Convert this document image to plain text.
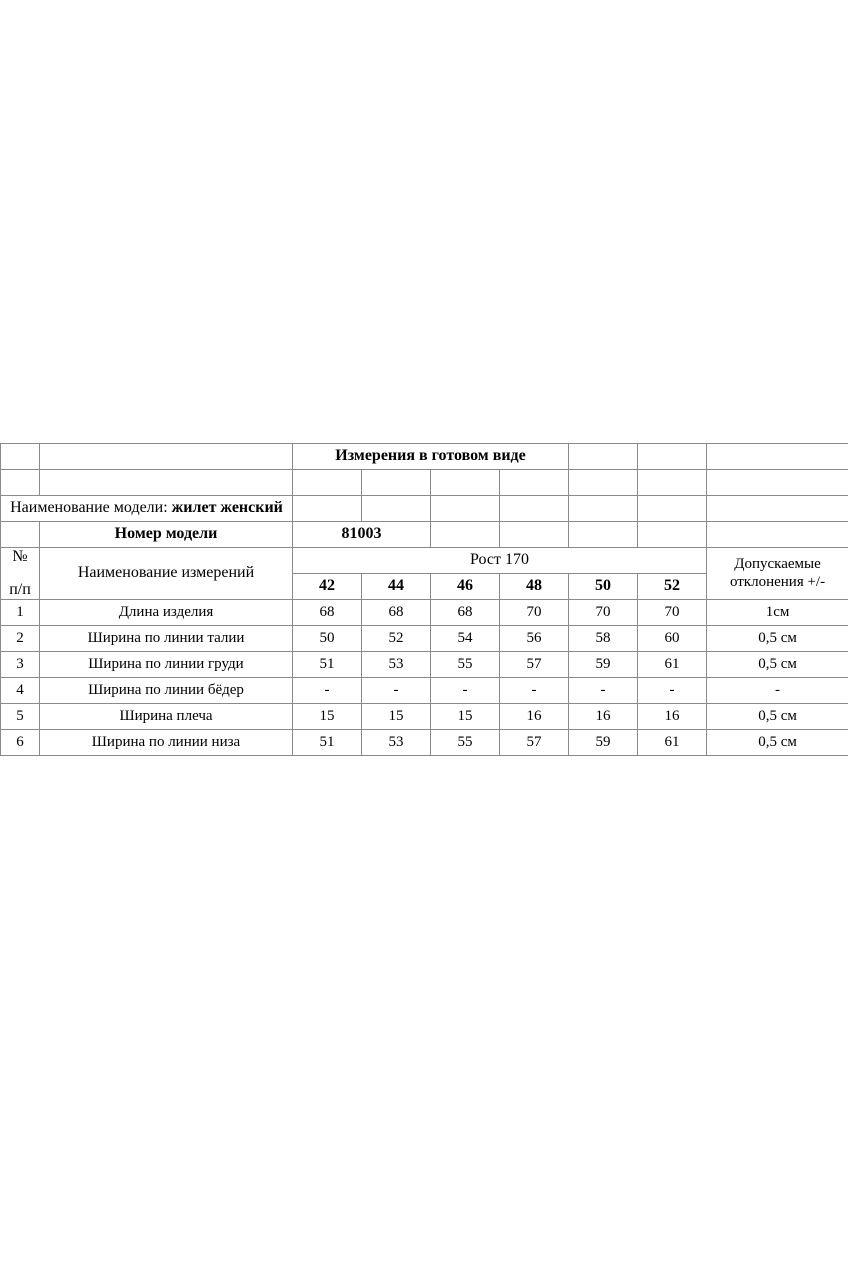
		Измерения в готовом виде						

Наименование модели: жилет женский								
	Номер модели	81003						

№
п/п
	Наименование измерений	Рост 170	Допускаемые
отклонения +/-

		42	44	46	48	50	52	
1	Длина изделия	68	68	68	70	70	70	1см
2	Ширина по линии талии	50	52	54	56	58	60	0,5 см
3	Ширина по линии груди	51	53	55	57	59	61	0,5 см
4	Ширина по линии бёдер	-	-	-	-	-	-	-
5	Ширина плеча	15	15	15	16	16	16	0,5 см
6	Ширина по линии низа	51	53	55	57	59	61	0,5 см
